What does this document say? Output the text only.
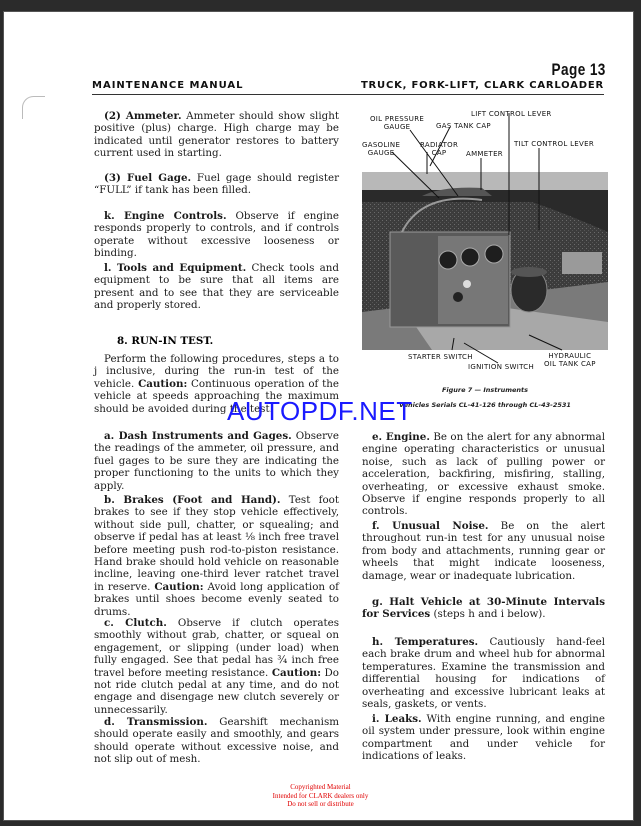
Page 13
MAINTENANCE MANUAL	TRUCK, FORK-LIFT, CLARK CARLOADER

(2) Ammeter. Ammeter should show slight positive (plus) charge. High charge may be indicated until generator restores to battery current used in starting.

(3) Fuel Gage. Fuel gage should register “FULL” if tank has been filled.

k. Engine Controls. Observe if engine responds properly to controls, and if controls operate without excessive looseness or binding.

l. Tools and Equipment. Check tools and equipment to be sure that all items are present and to see that they are serviceable and properly stored.

8. RUN-IN TEST.

Perform the following procedures, steps a to j inclusive, during the run-in test of the vehicle. Caution: Continuous operation of the vehicle at speeds approaching the maximum should be avoided during the test.

a. Dash Instruments and Gages. Observe the readings of the ammeter, oil pressure, and fuel gages to be sure they are indicating the proper functioning to the units to which they apply.

b. Brakes (Foot and Hand). Test foot brakes to see if they stop vehicle effectively, without side pull, chatter, or squealing; and observe if pedal has at least ⅛ inch free travel before meeting push rod-to-piston resistance. Hand brake should hold vehicle on reasonable incline, leaving one-third lever ratchet travel in reserve. Caution: Avoid long application of brakes until shoes become evenly seated to drums.

c. Clutch. Observe if clutch operates smoothly without grab, chatter, or squeal on engagement, or slipping (under load) when fully engaged. See that pedal has ¾ inch free travel before meeting resistance. Caution: Do not ride clutch pedal at any time, and do not engage and disengage new clutch severely or unnecessarily.

d. Transmission. Gearshift mechanism should operate easily and smoothly, and gears should operate without excessive noise, and not slip out of mesh.

OIL PRESSURE
GAUGE	GAS TANK CAP
LIFT CONTROL LEVER
GASOLINE
GAUGE
RADIATOR
CAP	AMMETER
TILT CONTROL LEVER
STARTER SWITCH
IGNITION SWITCH
HYDRAULIC
OIL TANK CAP
Figure 7 — Instruments
Vehicles Serials CL-41-126 through CL-43-2531

e. Engine. Be on the alert for any abnormal engine operating characteristics or unusual noise, such as lack of pulling power or acceleration, backfiring, misfiring, stalling, overheating, or excessive exhaust smoke. Observe if engine responds properly to all controls.

f. Unusual Noise. Be on the alert throughout run-in test for any unusual noise from body and attachments, running gear or wheels that might indicate looseness, damage, wear or inadequate lubrication.

g. Halt Vehicle at 30-Minute Intervals for Services (steps h and i below).

h. Temperatures. Cautiously hand-feel each brake drum and wheel hub for abnormal temperatures. Examine the transmission and differential housing for indications of overheating and excessive lubricant leaks at seals, gaskets, or vents.

i. Leaks. With engine running, and engine oil system under pressure, look within engine compartment and under vehicle for indications of leaks.

AUTOPDF.NET
Copyrighted Material
Intended for CLARK dealers only
Do not sell or distribute
